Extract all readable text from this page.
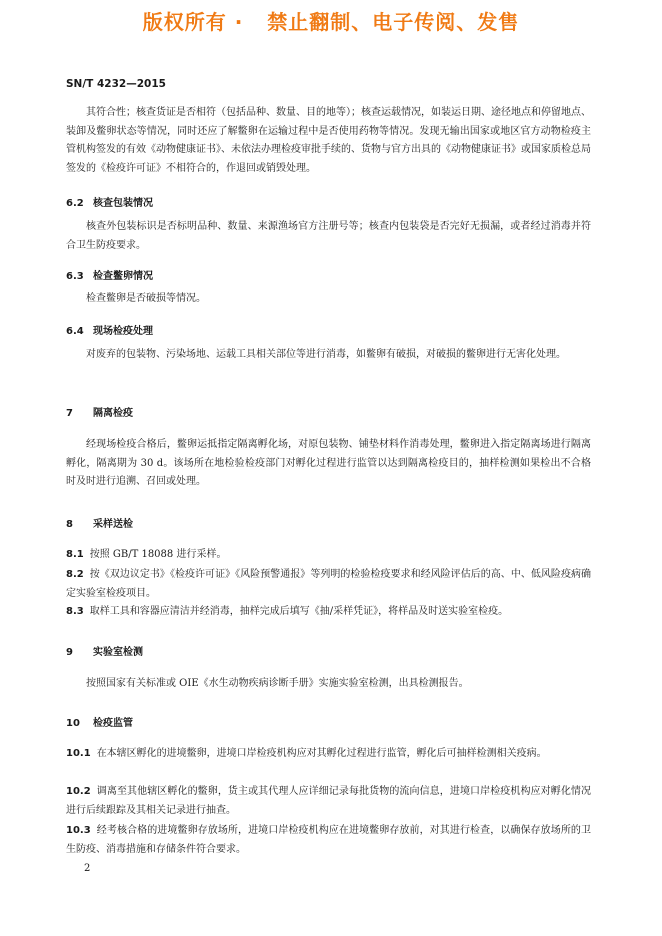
版权所有 ·   禁止翻制、电子传阅、发售
SN/T 4232—2015
其符合性；核查货证是否相符（包括品种、数量、目的地等）；核查运载情况，如装运日期、途径地点和停留地点、装卸及鳖卵状态等情况，同时还应了解鳖卵在运输过程中是否使用药物等情况。发现无输出国家或地区官方动物检疫主管机构签发的有效《动物健康证书》、未依法办理检疫审批手续的、货物与官方出具的《动物健康证书》或国家质检总局签发的《检疫许可证》不相符合的，作退回或销毁处理。
6.2 核查包装情况
核查外包装标识是否标明品种、数量、来源渔场官方注册号等；核查内包装袋是否完好无损漏，或者经过消毒并符合卫生防疫要求。
6.3 检查鳖卵情况
检查鳖卵是否破损等情况。
6.4 现场检疫处理
对废弃的包装物、污染场地、运载工具相关部位等进行消毒，如鳖卵有破损，对破损的鳖卵进行无害化处理。
7 隔离检疫
经现场检疫合格后，鳖卵运抵指定隔离孵化场，对原包装物、铺垫材料作消毒处理，鳖卵进入指定隔离场进行隔离孵化，隔离期为 30 d。该场所在地检验检疫部门对孵化过程进行监管以达到隔离检疫目的，抽样检测如果检出不合格时及时进行追溯、召回或处理。
8 采样送检
8.1 按照 GB/T 18088 进行采样。
8.2 按《双边议定书》《检疫许可证》《风险预警通报》等列明的检验检疫要求和经风险评估后的高、中、低风险疫病确定实验室检疫项目。
8.3 取样工具和容器应清洁并经消毒，抽样完成后填写《抽/采样凭证》，将样品及时送实验室检疫。
9 实验室检测
按照国家有关标准或 OIE《水生动物疾病诊断手册》实施实验室检测，出具检测报告。
10 检疫监管
10.1 在本辖区孵化的进境鳖卵，进境口岸检疫机构应对其孵化过程进行监管，孵化后可抽样检测相关疫病。
10.2 调离至其他辖区孵化的鳖卵，货主或其代理人应详细记录每批货物的流向信息，进境口岸检疫机构应对孵化情况进行后续跟踪及其相关记录进行抽查。
10.3 经考核合格的进境鳖卵存放场所，进境口岸检疫机构应在进境鳖卵存放前，对其进行检查，以确保存放场所的卫生防疫、消毒措施和存储条件符合要求。
2
